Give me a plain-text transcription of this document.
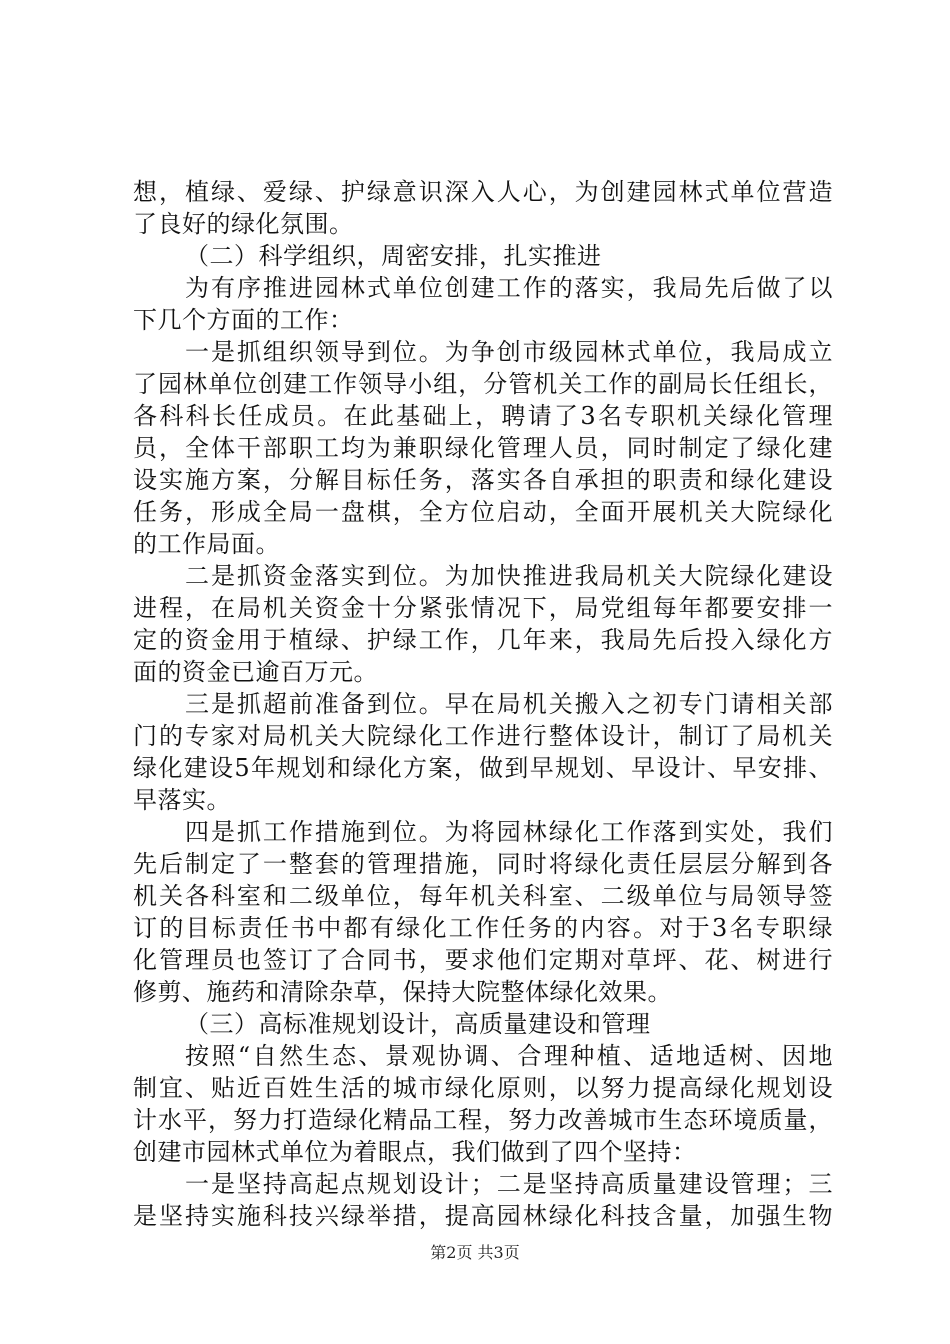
想，植绿、爱绿、护绿意识深入人心，为创建园林式单位营造
了良好的绿化氛围。
（二）科学组织，周密安排，扎实推进
为有序推进园林式单位创建工作的落实，我局先后做了以
下几个方面的工作：
一是抓组织领导到位。为争创市级园林式单位，我局成立
了园林单位创建工作领导小组，分管机关工作的副局长任组长，
各科科长任成员。在此基础上，聘请了3名专职机关绿化管理
员，全体干部职工均为兼职绿化管理人员，同时制定了绿化建
设实施方案，分解目标任务，落实各自承担的职责和绿化建设
任务，形成全局一盘棋，全方位启动，全面开展机关大院绿化
的工作局面。
二是抓资金落实到位。为加快推进我局机关大院绿化建设
进程，在局机关资金十分紧张情况下，局党组每年都要安排一
定的资金用于植绿、护绿工作，几年来，我局先后投入绿化方
面的资金已逾百万元。
三是抓超前准备到位。早在局机关搬入之初专门请相关部
门的专家对局机关大院绿化工作进行整体设计，制订了局机关
绿化建设5年规划和绿化方案，做到早规划、早设计、早安排、
早落实。
四是抓工作措施到位。为将园林绿化工作落到实处，我们
先后制定了一整套的管理措施，同时将绿化责任层层分解到各
机关各科室和二级单位，每年机关科室、二级单位与局领导签
订的目标责任书中都有绿化工作任务的内容。对于3名专职绿
化管理员也签订了合同书，要求他们定期对草坪、花、树进行
修剪、施药和清除杂草，保持大院整体绿化效果。
（三）高标准规划设计，高质量建设和管理
按照“自然生态、景观协调、合理种植、适地适树、因地
制宜、贴近百姓生活的城市绿化原则，以努力提高绿化规划设
计水平，努力打造绿化精品工程，努力改善城市生态环境质量，
创建市园林式单位为着眼点，我们做到了四个坚持：
一是坚持高起点规划设计；二是坚持高质量建设管理；三
是坚持实施科技兴绿举措，提高园林绿化科技含量，加强生物
第2页 共3页
